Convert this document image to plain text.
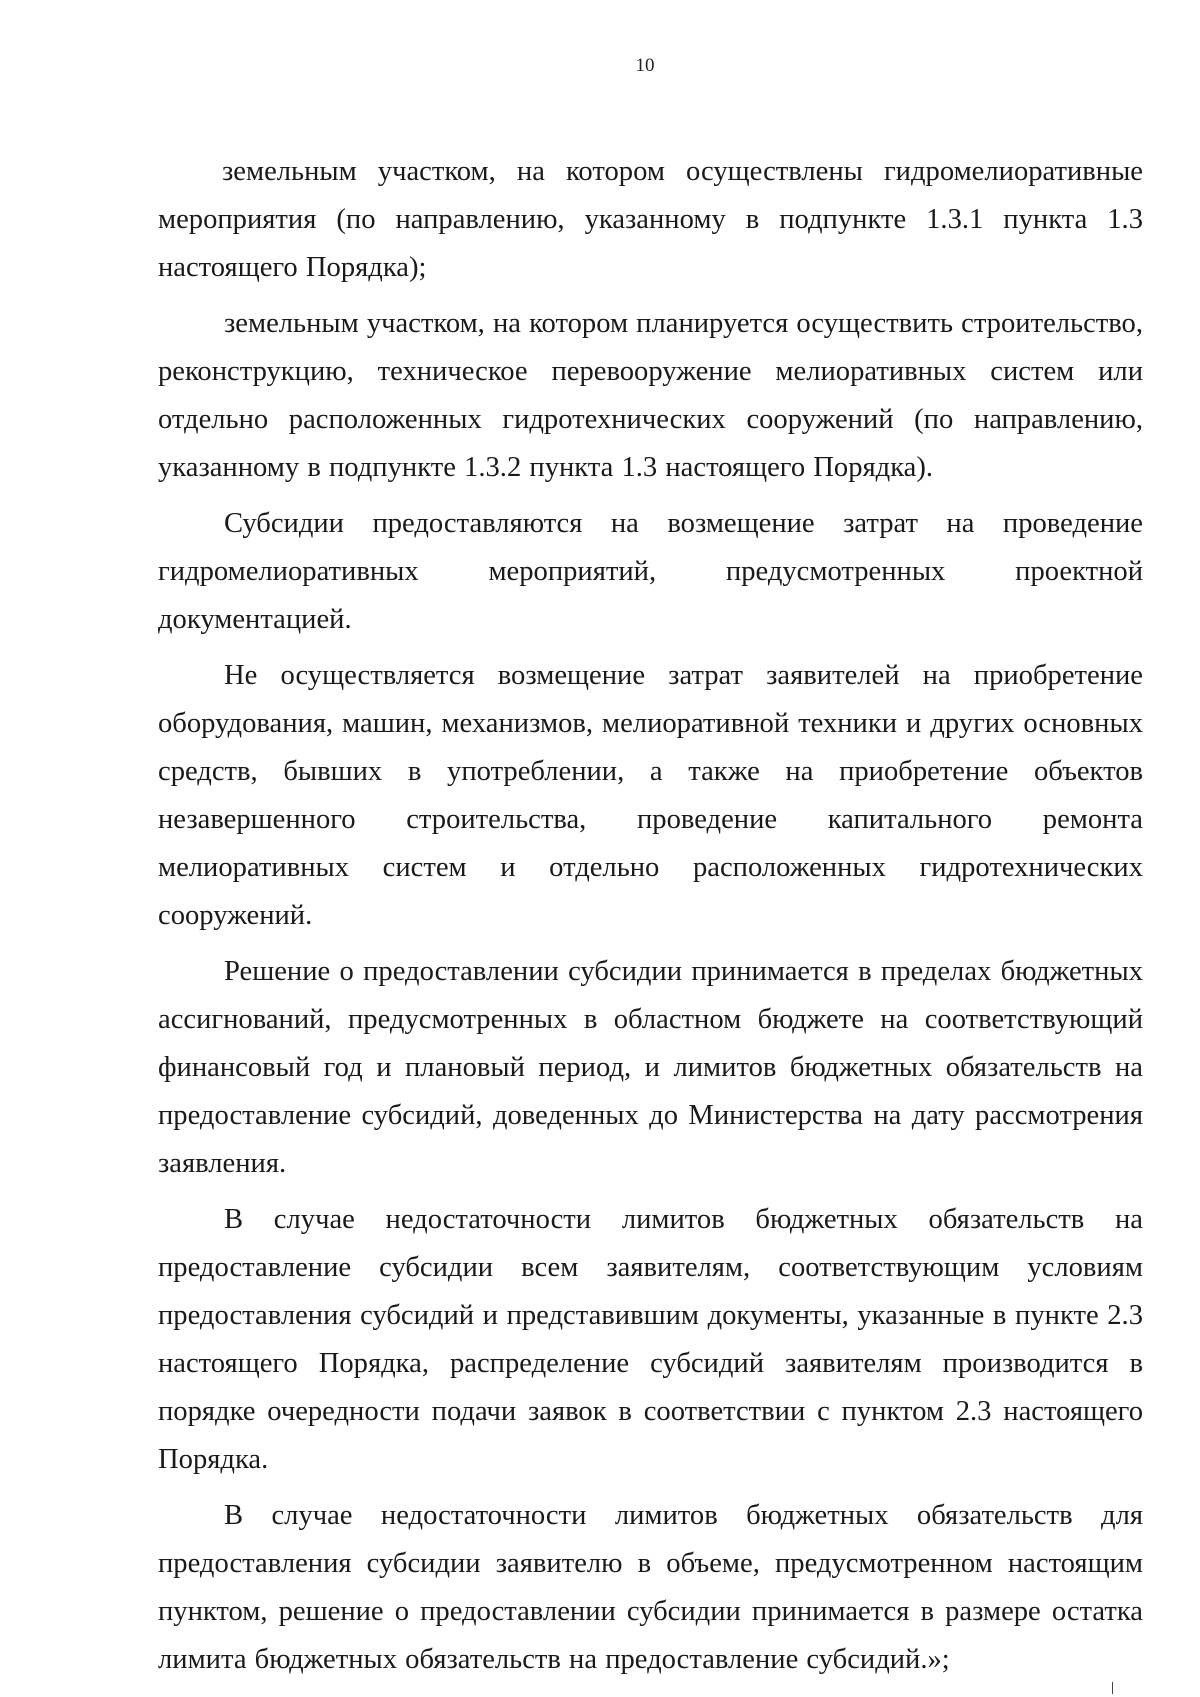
10

земельным участком, на котором осуществлены гидромелиоративные мероприятия (по направлению, указанному в подпункте 1.3.1 пункта 1.3 настоящего Порядка);

земельным участком, на котором планируется осуществить строительство, реконструкцию, техническое перевооружение мелиоративных систем или отдельно расположенных гидротехнических сооружений (по направлению, указанному в подпункте 1.3.2 пункта 1.3 настоящего Порядка).

Субсидии предоставляются на возмещение затрат на проведение гидромелиоративных мероприятий, предусмотренных проектной документацией.

Не осуществляется возмещение затрат заявителей на приобретение оборудования, машин, механизмов, мелиоративной техники и других основных средств, бывших в употреблении, а также на приобретение объектов незавершенного строительства, проведение капитального ремонта мелиоративных систем и отдельно расположенных гидротехнических сооружений.

Решение о предоставлении субсидии принимается в пределах бюджетных ассигнований, предусмотренных в областном бюджете на соответствующий финансовый год и плановый период, и лимитов бюджетных обязательств на предоставление субсидий, доведенных до Министерства на дату рассмотрения заявления.

В случае недостаточности лимитов бюджетных обязательств на предоставление субсидии всем заявителям, соответствующим условиям предоставления субсидий и представившим документы, указанные в пункте 2.3 настоящего Порядка, распределение субсидий заявителям производится в порядке очередности подачи заявок в соответствии с пунктом 2.3 настоящего Порядка.

В случае недостаточности лимитов бюджетных обязательств для предоставления субсидии заявителю в объеме, предусмотренном настоящим пунктом, решение о предоставлении субсидии принимается в размере остатка лимита бюджетных обязательств на предоставление субсидий.»;
